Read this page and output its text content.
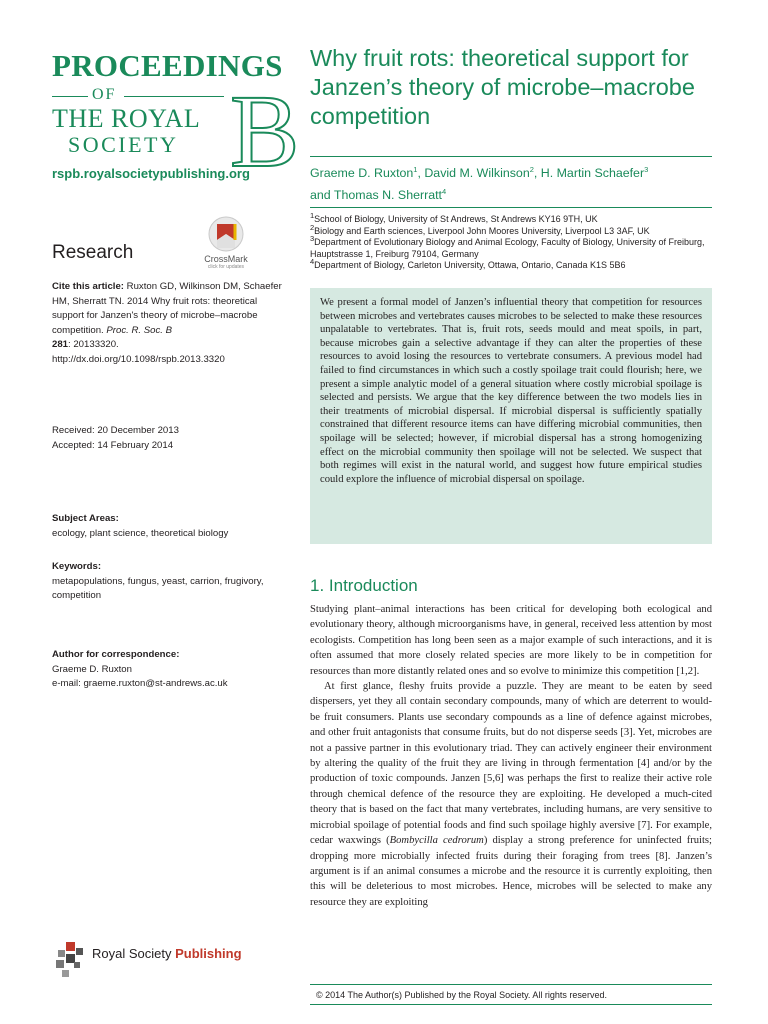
PROCEEDINGS
OF
THE ROYAL
SOCIETY B
rspb.royalsocietypublishing.org
Research	CrossMark
click for updates
Cite this article: Ruxton GD, Wilkinson DM, Schaefer HM, Sherratt TN. 2014 Why fruit rots: theoretical support for Janzen's theory of microbe–macrobe competition. Proc. R. Soc. B
281: 20133320.
http://dx.doi.org/10.1098/rspb.2013.3320
Received: 20 December 2013
Accepted: 14 February 2014
Subject Areas:
ecology, plant science, theoretical biology
Keywords:
metapopulations, fungus, yeast, carrion, frugivory, competition
Author for correspondence:
Graeme D. Ruxton
e-mail: graeme.ruxton@st-andrews.ac.uk
Royal Society Publishing
Why fruit rots: theoretical support for Janzen’s theory of microbe–macrobe competition
Graeme D. Ruxton$^1$, David M. Wilkinson$^2$, H. Martin Schaefer$^3$
and Thomas N. Sherratt$^4$
$^1$School of Biology, University of St Andrews, St Andrews KY16 9TH, UK
$^2$Biology and Earth sciences, Liverpool John Moores University, Liverpool L3 3AF, UK
$^3$Department of Evolutionary Biology and Animal Ecology, Faculty of Biology, University of Freiburg, Hauptstrasse 1, Freiburg 79104, Germany
$^4$Department of Biology, Carleton University, Ottawa, Ontario, Canada K1S 5B6

We present a formal model of Janzen’s influential theory that competition for resources between microbes and vertebrates causes microbes to be selected to make these resources unpalatable to vertebrates. That is, fruit rots, seeds mould and meat spoils, in part, because microbes gain a selective advantage if they can alter the properties of these resources to avoid losing the resources to vertebrate consumers. A previous model had failed to find circumstances in which such a costly spoilage trait could flourish; here, we present a simple analytic model of a general situation where costly microbial spoilage is selected and persists. We argue that the key difference between the two models lies in their treatments of microbial dispersal. If microbial dispersal is sufficiently spatially constrained that different resource items can have differing microbial communities, then spoilage will be selected; however, if microbial dispersal has a strong homogenizing effect on the microbial community then spoilage will not be selected. We suspect that both regimes will exist in the natural world, and suggest how future empirical studies could explore the influence of microbial dispersal on spoilage.

1. Introduction

Studying plant–animal interactions has been critical for developing both ecological and evolutionary theory, although microorganisms have, in general, received less attention by most ecologists. Competition has long been seen as a major example of such interactions, and it is often assumed that more closely related species are more likely to be in competition for resources than more distantly related ones and so evolve to minimize this competition [1,2].

At first glance, fleshy fruits provide a puzzle. They are meant to be eaten by seed dispersers, yet they all contain secondary compounds, many of which are deterrent to would-be fruit consumers. Plants use secondary compounds as a line of defence against microbes, and other fruit antagonists that consume fruits, but do not disperse seeds [3]. Yet, microbes are not a passive partner in this evolutionary triad. They can actively engineer their environment by altering the quality of the fruit they are living in through fermentation [4] and/or by the production of toxic compounds. Janzen [5,6] was perhaps the first to realize their active role through chemical defence of the resource they are exploiting. He developed a much-cited theory that is based on the fact that many vertebrates, including humans, are very sensitive to microbial spoilage of potential foods and find such spoilage highly aversive [7]. For example, cedar waxwings (Bombycilla cedrorum) display a strong preference for uninfected fruits; dropping more microbially infected fruits during their foraging from trees [8]. Janzen’s argument is if an animal consumes a microbe and the resource it is currently exploiting, then this will be deleterious to most microbes. Hence, microbes will be selected to make any resource they are exploiting

© 2014 The Author(s) Published by the Royal Society. All rights reserved.
